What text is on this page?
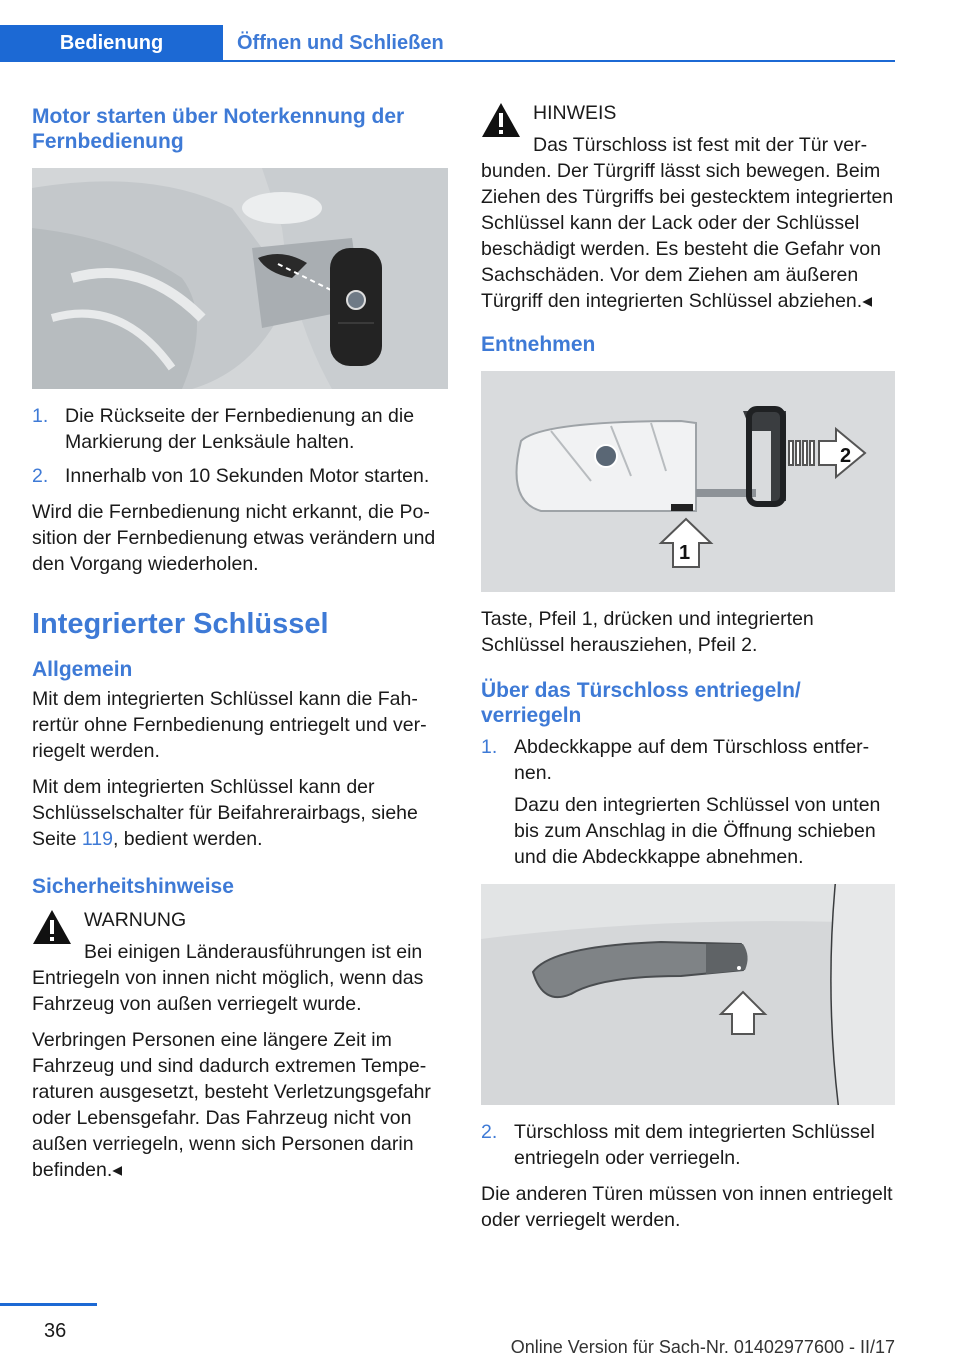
Bedienung	Öffnen und Schließen
Motor starten über Noterkennung der Fernbedienung
1. Die Rückseite der Fernbedienung an die Markierung der Lenksäule halten.
2. Innerhalb von 10 Sekunden Motor starten.

Wird die Fernbedienung nicht erkannt, die Position der Fernbedienung etwas verändern und den Vorgang wiederholen.

Integrierter Schlüssel
Allgemein

Mit dem integrierten Schlüssel kann die Fahrertür ohne Fernbedienung entriegelt und verriegelt werden.

Mit dem integrierten Schlüssel kann der Schlüsselschalter für Beifahrerairbags, siehe Seite 119, bedient werden.

Sicherheitshinweise

WARNUNG

Bei einigen Länderausführungen ist ein Entriegeln von innen nicht möglich, wenn das Fahrzeug von außen verriegelt wurde.

Verbringen Personen eine längere Zeit im Fahrzeug und sind dadurch extremen Temperaturen ausgesetzt, besteht Verletzungsgefahr oder Lebensgefahr. Das Fahrzeug nicht von außen verriegeln, wenn sich Personen darin befinden.◂

HINWEIS

Das Türschloss ist fest mit der Tür verbunden. Der Türgriff lässt sich bewegen. Beim Ziehen des Türgriffs bei gestecktem integrierten Schlüssel kann der Lack oder der Schlüssel beschädigt werden. Es besteht die Gefahr von Sachschäden. Vor dem Ziehen am äußeren Türgriff den integrierten Schlüssel abziehen.◂

Entnehmen
2
1

Taste, Pfeil 1, drücken und integrierten Schlüssel herausziehen, Pfeil 2.

Über das Türschloss entriegeln/ verriegeln
1. Abdeckkappe auf dem Türschloss entfernen.
Dazu den integrierten Schlüssel von unten bis zum Anschlag in die Öffnung schieben und die Abdeckkappe abnehmen.
2. Türschloss mit dem integrierten Schlüssel entriegeln oder verriegeln.

Die anderen Türen müssen von innen entriegelt oder verriegelt werden.

36
Online Version für Sach-Nr. 01402977600 - II/17
